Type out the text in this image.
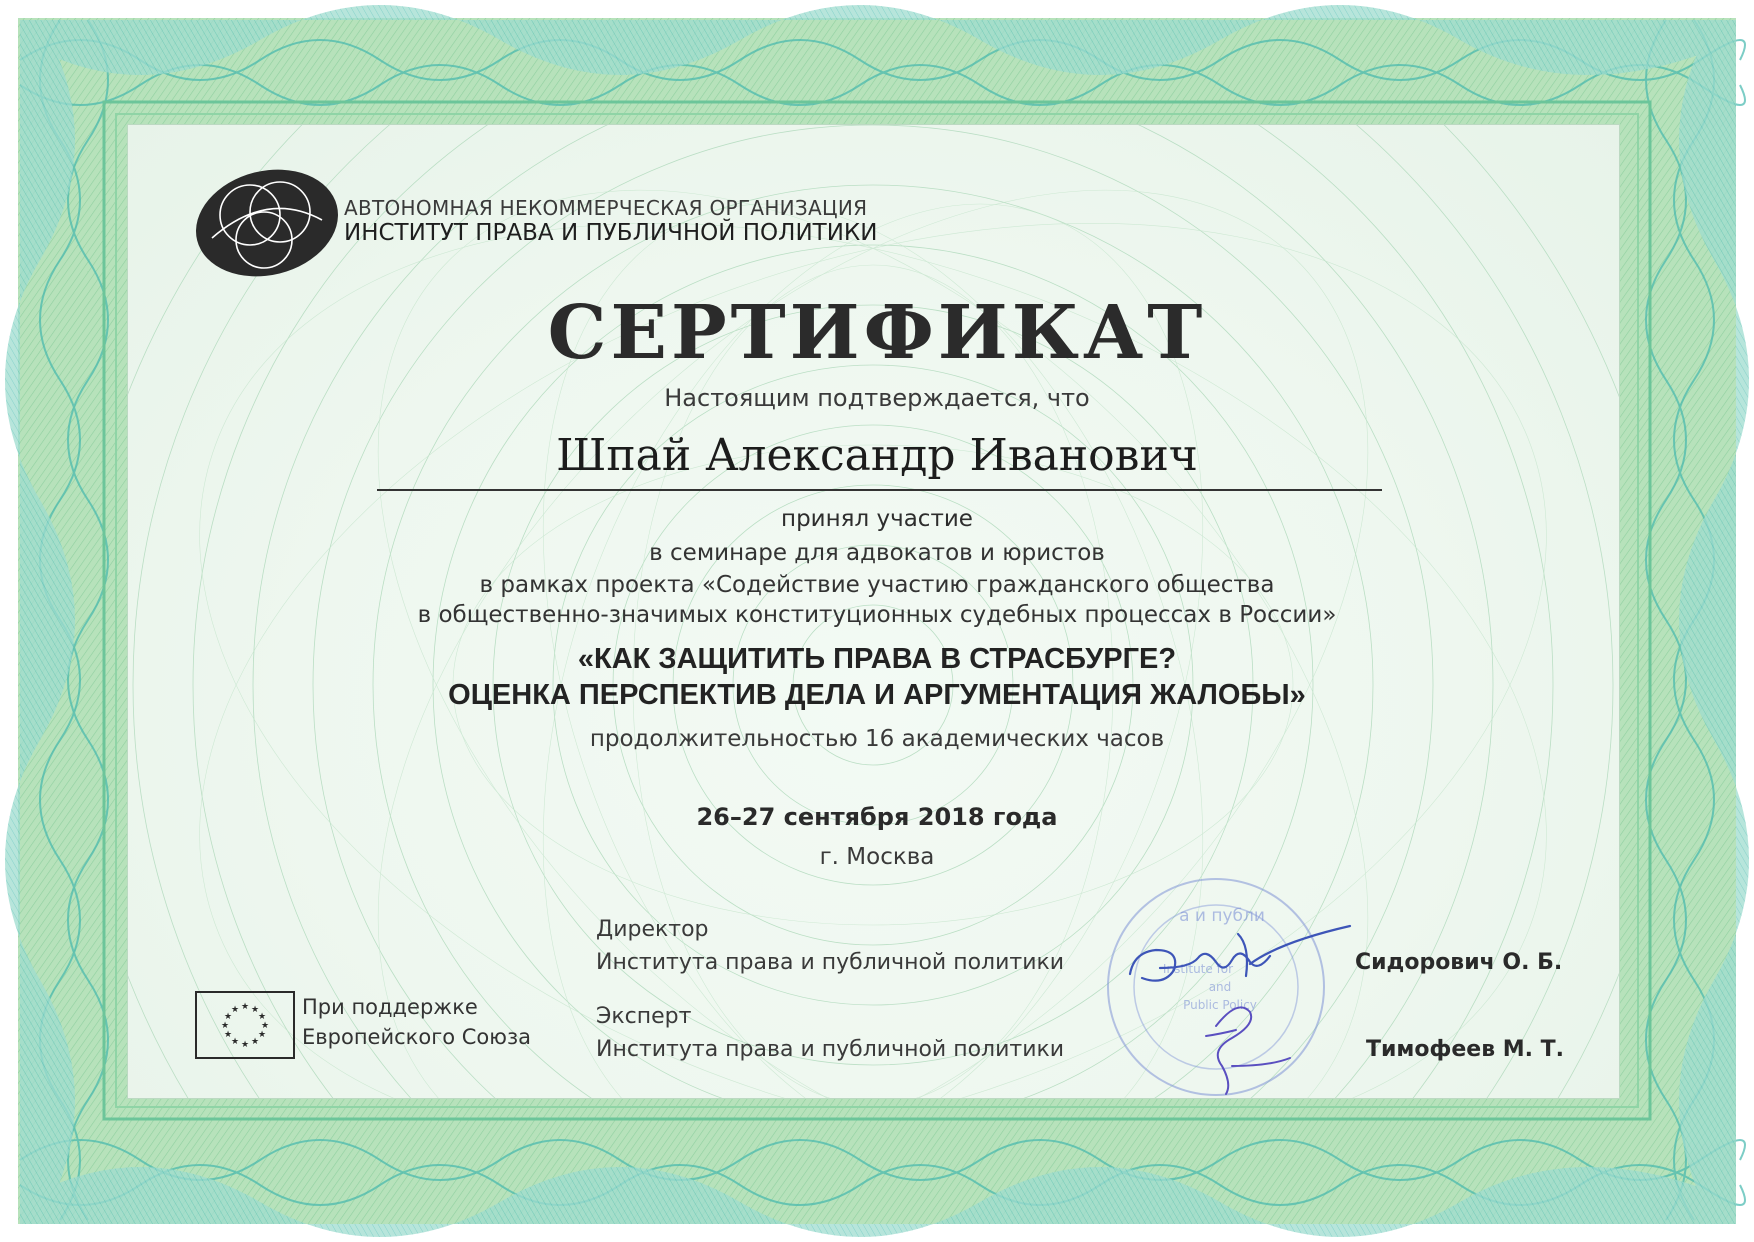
АВТОНОМНАЯ НЕКОММЕРЧЕСКАЯ ОРГАНИЗАЦИЯ
ИНСТИТУТ ПРАВА И ПУБЛИЧНОЙ ПОЛИТИКИ
СЕРТИФИКАТ
Настоящим подтверждается, что
Шпай Александр Иванович
принял участие
в семинаре для адвокатов и юристов
в рамках проекта «Содействие участию гражданского общества
в общественно-значимых конституционных судебных процессах в России»
«КАК ЗАЩИТИТЬ ПРАВА В СТРАСБУРГЕ?
ОЦЕНКА ПЕРСПЕКТИВ ДЕЛА И АРГУМЕНТАЦИЯ ЖАЛОБЫ»
продолжительностью 16 академических часов
26–27 сентября 2018 года
г. Москва
Директор
Института права и публичной политики	Сидорович О. Б.
Эксперт
Института права и публичной политики	Тимофеев М. Т.
★ ★
★
★
★
★
★
★
★
★
★
★	При поддержке
Европейского Союза
а и публи
Institute for
and
Public Policy
